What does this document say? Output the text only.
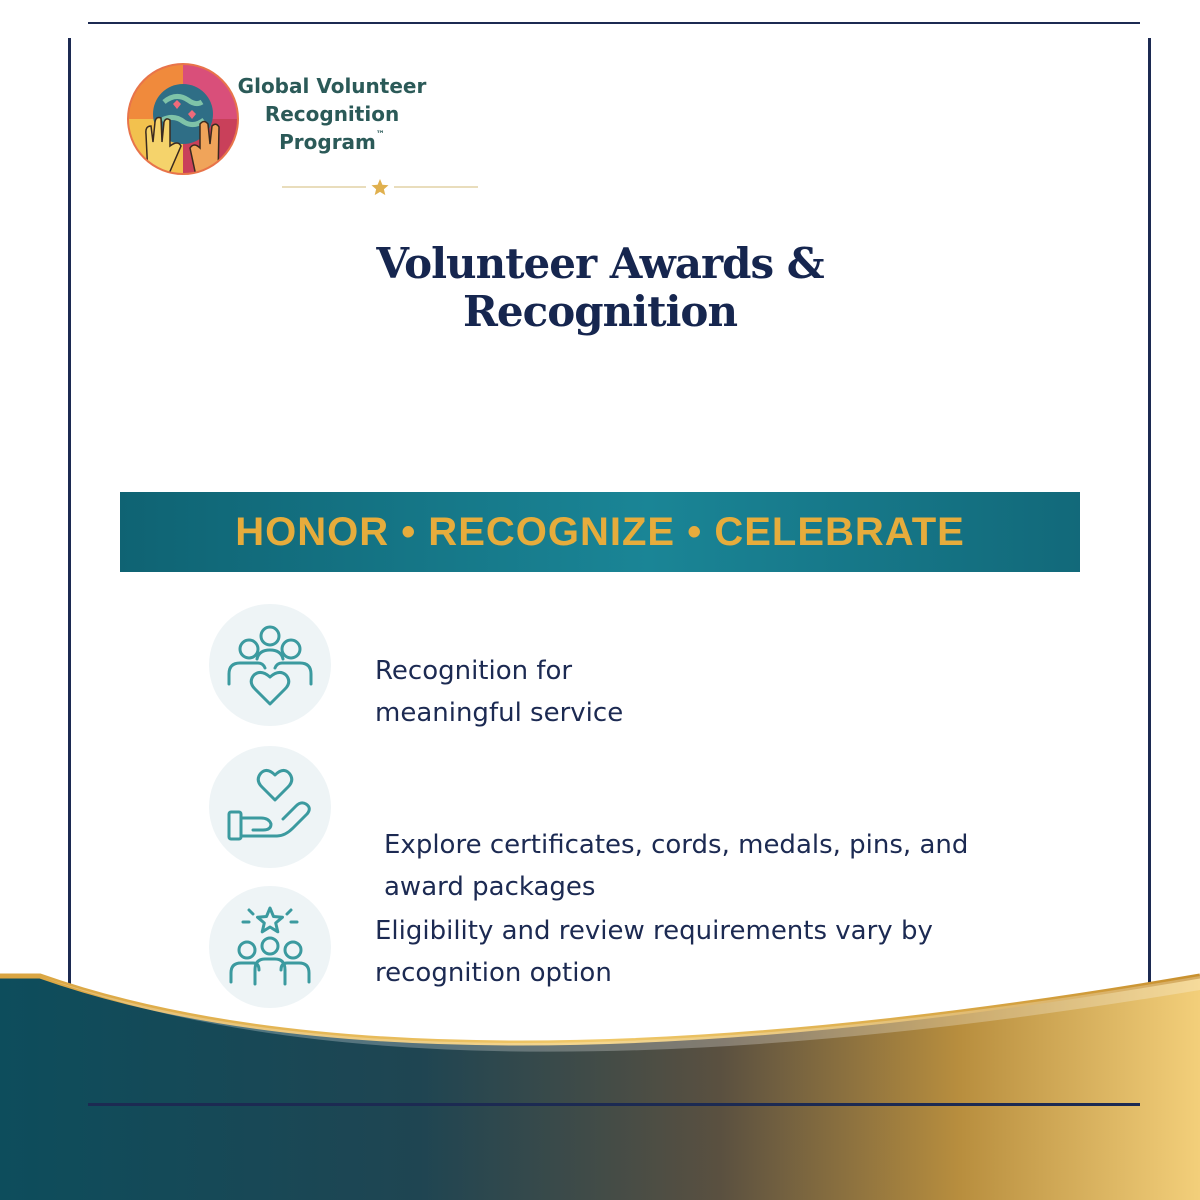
Global Volunteer
Recognition
Program™
Volunteer Awards &
Recognition
HONOR • RECOGNIZE • CELEBRATE
Recognition for
meaningful service
Explore certificates, cords, medals, pins, and
award packages
Eligibility and review requirements vary by
recognition option
